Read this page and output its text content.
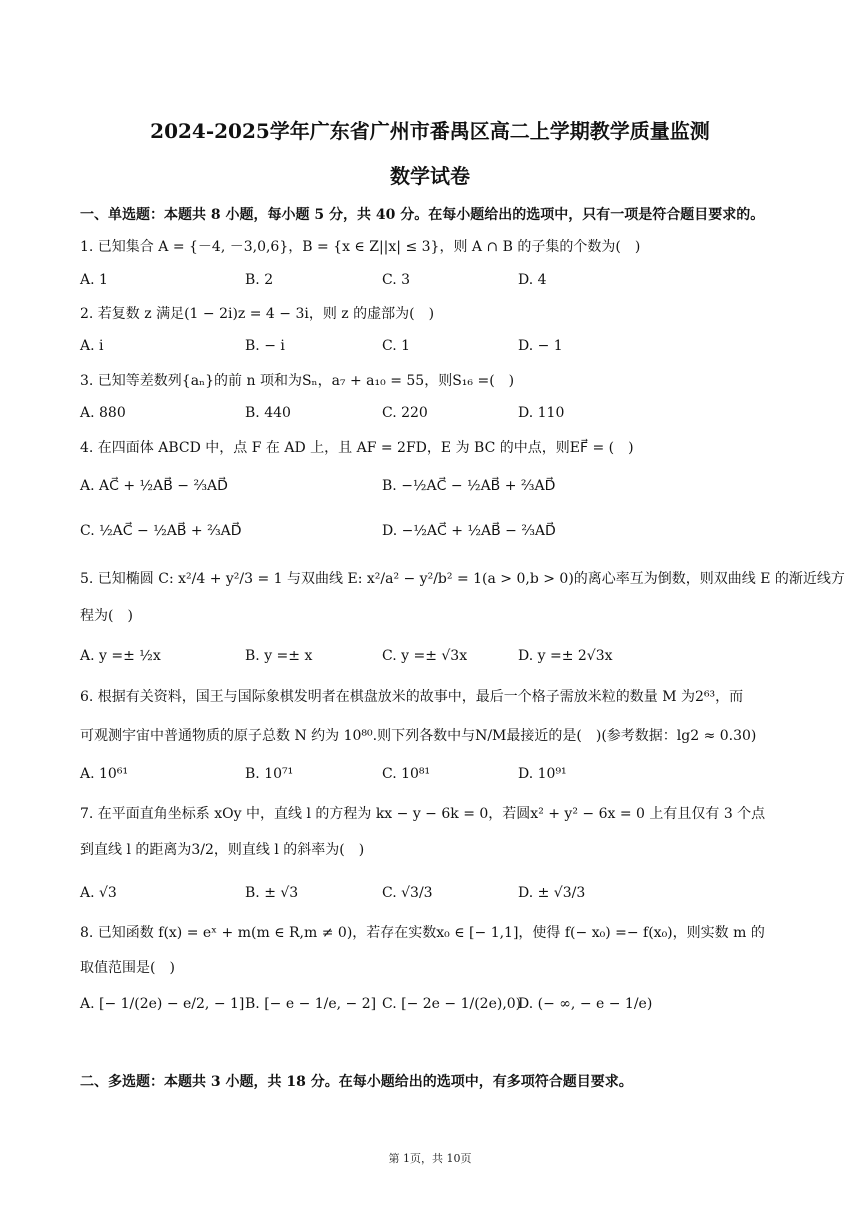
2024-2025学年广东省广州市番禺区高二上学期教学质量监测
数学试卷
一、单选题：本题共 8 小题，每小题 5 分，共 40 分。在每小题给出的选项中，只有一项是符合题目要求的。
1. 已知集合 A = {－4, －3,0,6}，B = {x ∈ Z||x| ≤ 3}，则 A ∩ B 的子集的个数为(　)
A. 1	B. 2	C. 3	D. 4
2. 若复数 z 满足(1 − 2i)z = 4 − 3i，则 z 的虚部为(　)
A. i	B. − i	C. 1	D. − 1
3. 已知等差数列{aₙ}的前 n 项和为Sₙ，a₇ + a₁₀ = 55，则S₁₆ =(　)
A. 880	B. 440	C. 220	D. 110
4. 在四面体 ABCD 中，点 F 在 AD 上，且 AF = 2FD，E 为 BC 的中点，则EF⃗ = (　)
A. AC⃗ + ½AB⃗ − ⅔AD⃗	B. −½AC⃗ − ½AB⃗ + ⅔AD⃗
C. ½AC⃗ − ½AB⃗ + ⅔AD⃗	D. −½AC⃗ + ½AB⃗ − ⅔AD⃗
5. 已知椭圆 C: x²/4 + y²/3 = 1 与双曲线 E: x²/a² − y²/b² = 1(a > 0,b > 0)的离心率互为倒数，则双曲线 E 的渐近线方
程为(　)
A. y =± ½x	B. y =± x	C. y =± √3x	D. y =± 2√3x
6. 根据有关资料，国王与国际象棋发明者在棋盘放米的故事中，最后一个格子需放米粒的数量 M 为2⁶³，而
可观测宇宙中普通物质的原子总数 N 约为 10⁸⁰.则下列各数中与N/M最接近的是(　)(参考数据：lg2 ≈ 0.30)
A. 10⁶¹	B. 10⁷¹	C. 10⁸¹	D. 10⁹¹
7. 在平面直角坐标系 xOy 中，直线 l 的方程为 kx − y − 6k = 0，若圆x² + y² − 6x = 0 上有且仅有 3 个点
到直线 l 的距离为3/2，则直线 l 的斜率为(　)
A. √3	B. ± √3	C. √3/3	D. ± √3/3
8. 已知函数 f(x) = eˣ + m(m ∈ R,m ≠ 0)，若存在实数x₀ ∈ [− 1,1]，使得 f(− x₀) =− f(x₀)，则实数 m 的
取值范围是(　)
A. [− 1/(2e) − e/2, − 1] B. [− e − 1/e, − 2] C. [− 2e − 1/(2e),0)
D. (− ∞, − e − 1/e)
二、多选题：本题共 3 小题，共 18 分。在每小题给出的选项中，有多项符合题目要求。
第 1页，共 10页
